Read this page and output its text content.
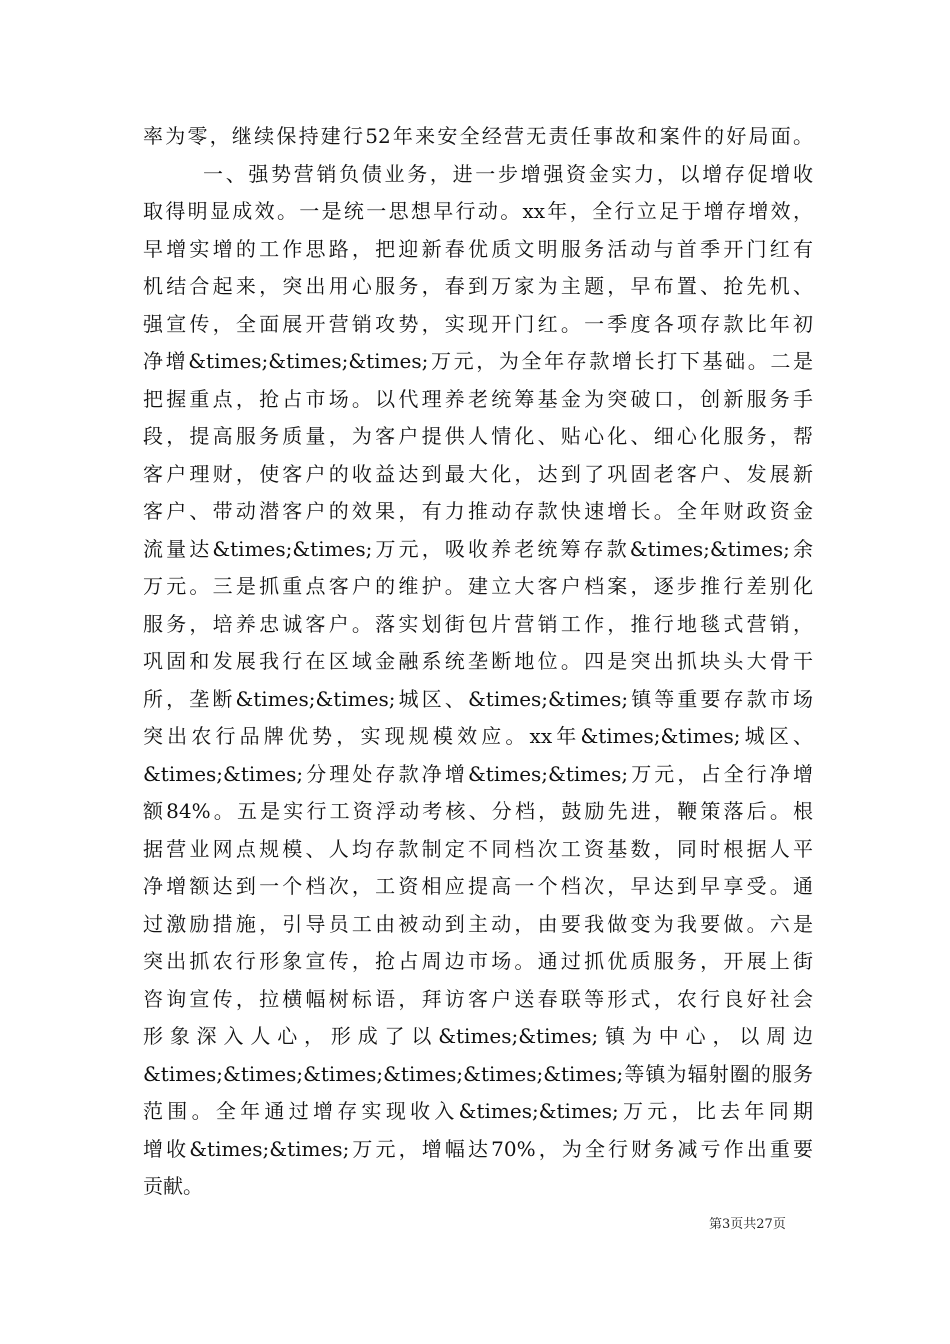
率为零，继续保持建行52年来安全经营无责任事故和案件的好局面。
一、强势营销负债业务，进一步增强资金实力，以增存促增收
取得明显成效。一是统一思想早行动。xx年，全行立足于增存增效，
早增实增的工作思路，把迎新春优质文明服务活动与首季开门红有
机结合起来，突出用心服务，春到万家为主题，早布置、抢先机、
强宣传，全面展开营销攻势，实现开门红。一季度各项存款比年初
净增&times;&times;&times;万元，为全年存款增长打下基础。二是
把握重点，抢占市场。以代理养老统筹基金为突破口，创新服务手
段，提高服务质量，为客户提供人情化、贴心化、细心化服务，帮
客户理财，使客户的收益达到最大化，达到了巩固老客户、发展新
客户、带动潜客户的效果，有力推动存款快速增长。全年财政资金
流量达&times;&times;万元，吸收养老统筹存款&times;&times;余
万元。三是抓重点客户的维护。建立大客户档案，逐步推行差别化
服务，培养忠诚客户。落实划街包片营销工作，推行地毯式营销，
巩固和发展我行在区域金融系统垄断地位。四是突出抓块头大骨干
所，垄断&times;&times;城区、&times;&times;镇等重要存款市场
突出农行品牌优势，实现规模效应。xx年&times;&times;城区、
&times;&times;分理处存款净增&times;&times;万元，占全行净增
额84%。五是实行工资浮动考核、分档，鼓励先进，鞭策落后。根
据营业网点规模、人均存款制定不同档次工资基数，同时根据人平
净增额达到一个档次，工资相应提高一个档次，早达到早享受。通
过激励措施，引导员工由被动到主动，由要我做变为我要做。六是
突出抓农行形象宣传，抢占周边市场。通过抓优质服务，开展上街
咨询宣传，拉横幅树标语，拜访客户送春联等形式，农行良好社会
形象深入人心，形成了以&times;&times;镇为中心，以周边
&times;&times;&times;&times;&times;&times;等镇为辐射圈的服务
范围。全年通过增存实现收入&times;&times;万元，比去年同期
增收&times;&times;万元，增幅达70%，为全行财务减亏作出重要
贡献。
第3页共27页
